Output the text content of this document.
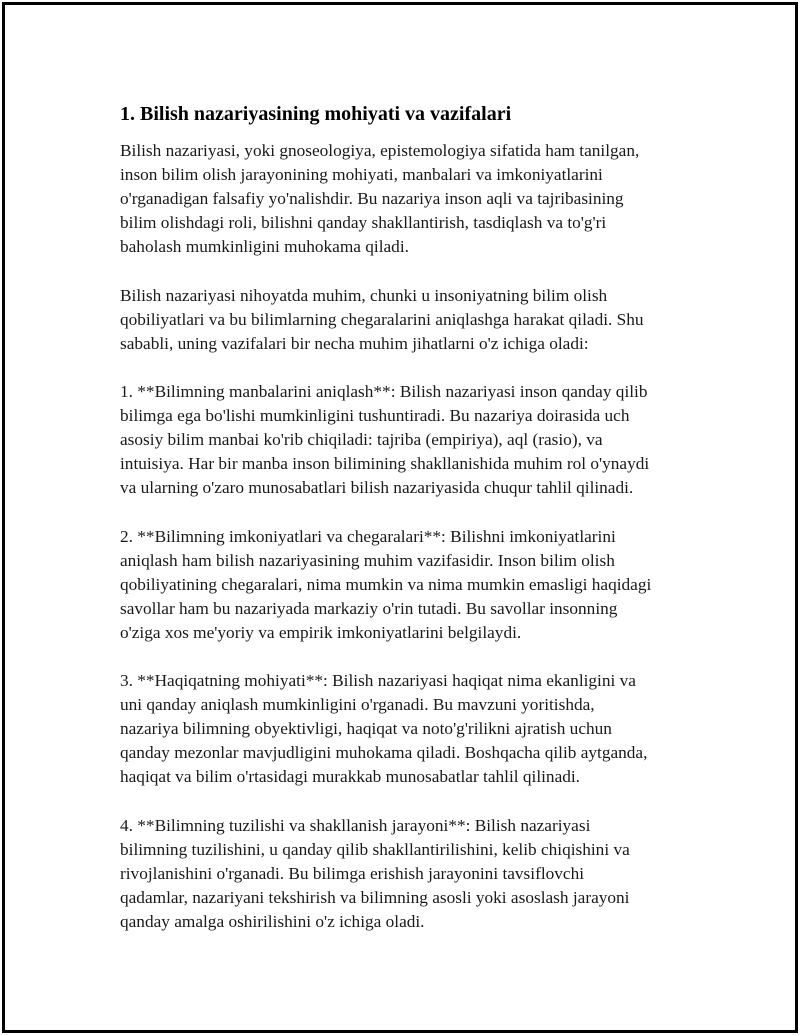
1. Bilish nazariyasining mohiyati va vazifalari

Bilish nazariyasi, yoki gnoseologiya, epistemologiya sifatida ham tanilgan,
inson bilim olish jarayonining mohiyati, manbalari va imkoniyatlarini
o'rganadigan falsafiy yo'nalishdir. Bu nazariya inson aqli va tajribasining
bilim olishdagi roli, bilishni qanday shakllantirish, tasdiqlash va to'g'ri
baholash mumkinligini muhokama qiladi.

Bilish nazariyasi nihoyatda muhim, chunki u insoniyatning bilim olish
qobiliyatlari va bu bilimlarning chegaralarini aniqlashga harakat qiladi. Shu
sababli, uning vazifalari bir necha muhim jihatlarni o'z ichiga oladi:

1. **Bilimning manbalarini aniqlash**: Bilish nazariyasi inson qanday qilib
bilimga ega bo'lishi mumkinligini tushuntiradi. Bu nazariya doirasida uch
asosiy bilim manbai ko'rib chiqiladi: tajriba (empiriya), aql (rasio), va
intuisiya. Har bir manba inson bilimining shakllanishida muhim rol o'ynaydi
va ularning o'zaro munosabatlari bilish nazariyasida chuqur tahlil qilinadi.

2. **Bilimning imkoniyatlari va chegaralari**: Bilishni imkoniyatlarini
aniqlash ham bilish nazariyasining muhim vazifasidir. Inson bilim olish
qobiliyatining chegaralari, nima mumkin va nima mumkin emasligi haqidagi
savollar ham bu nazariyada markaziy o'rin tutadi. Bu savollar insonning
o'ziga xos me'yoriy va empirik imkoniyatlarini belgilaydi.

3. **Haqiqatning mohiyati**: Bilish nazariyasi haqiqat nima ekanligini va
uni qanday aniqlash mumkinligini o'rganadi. Bu mavzuni yoritishda,
nazariya bilimning obyektivligi, haqiqat va noto'g'rilikni ajratish uchun
qanday mezonlar mavjudligini muhokama qiladi. Boshqacha qilib aytganda,
haqiqat va bilim o'rtasidagi murakkab munosabatlar tahlil qilinadi.

4. **Bilimning tuzilishi va shakllanish jarayoni**: Bilish nazariyasi
bilimning tuzilishini, u qanday qilib shakllantirilishini, kelib chiqishini va
rivojlanishini o'rganadi. Bu bilimga erishish jarayonini tavsiflovchi
qadamlar, nazariyani tekshirish va bilimning asosli yoki asoslash jarayoni
qanday amalga oshirilishini o'z ichiga oladi.
